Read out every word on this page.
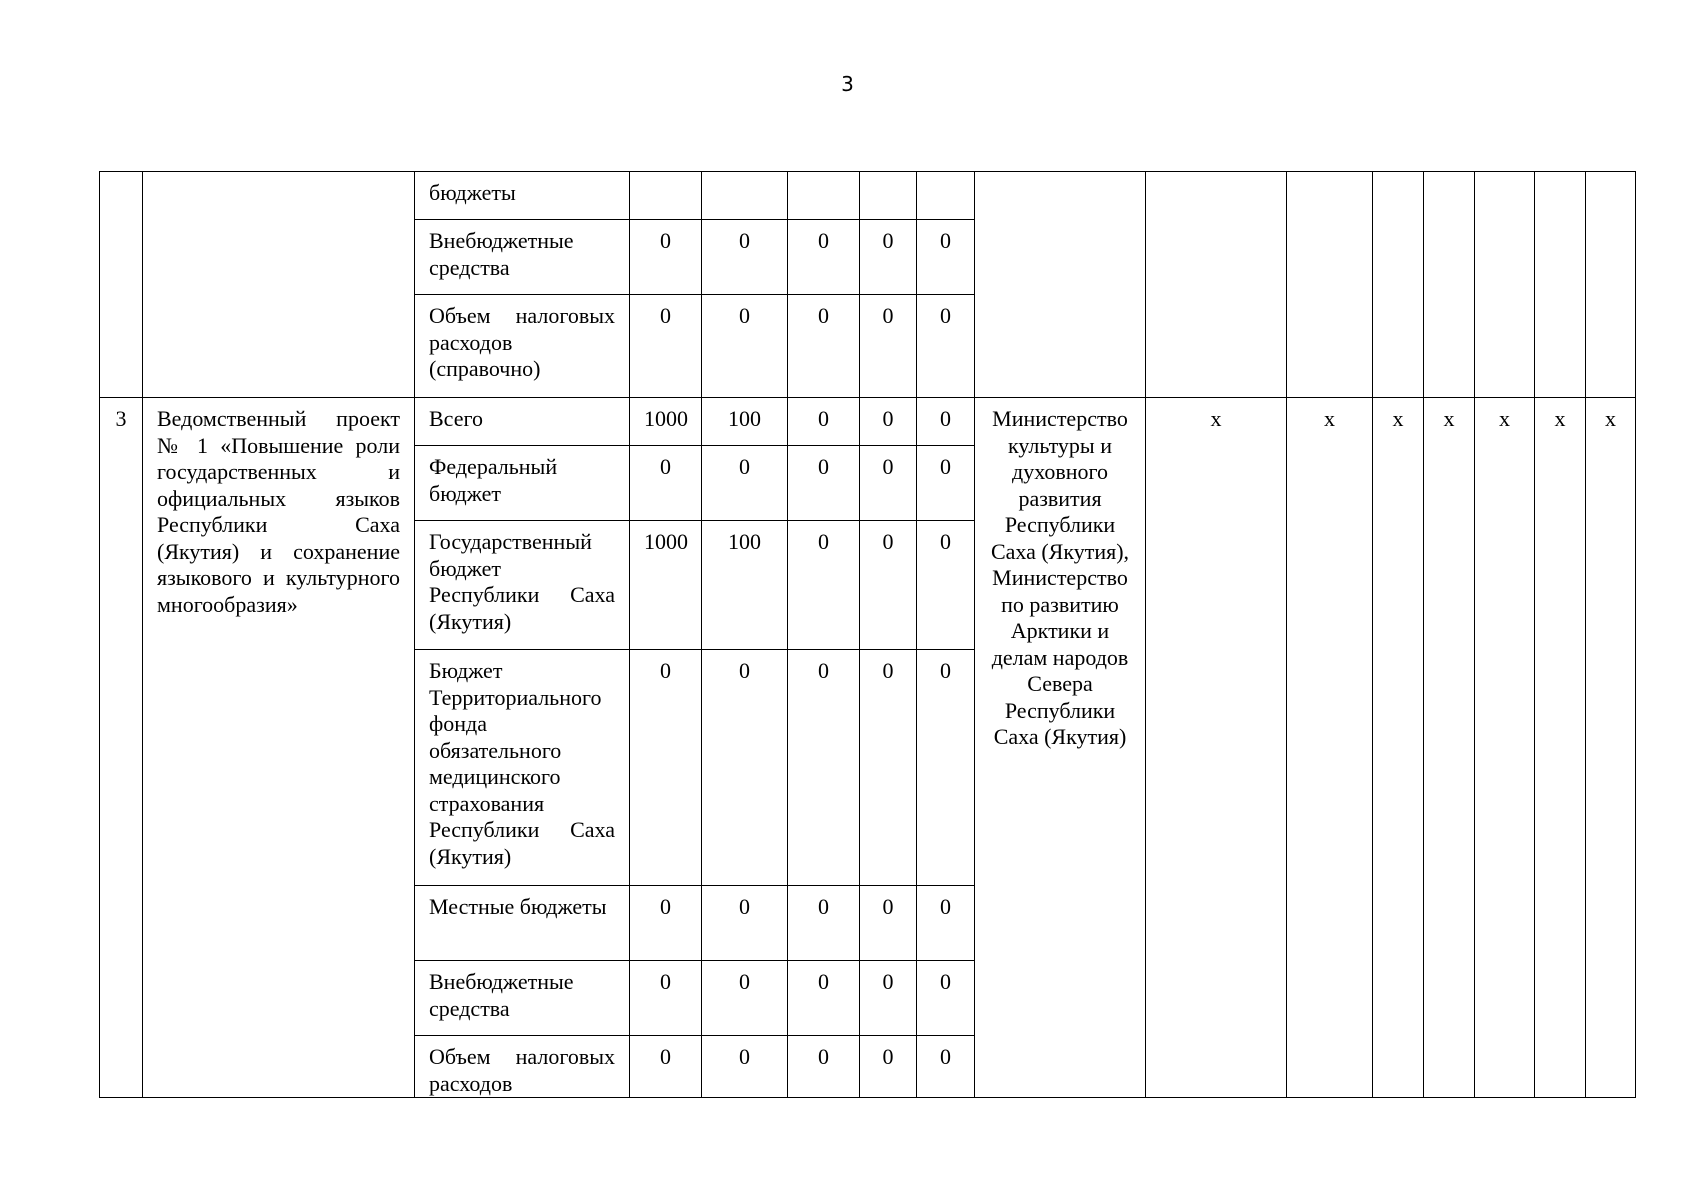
3
		бюджеты													
		Внебюджетные средства	0	0	0	0	0								
		Объем налоговых расходов (справочно)	0	0	0	0	0								
3	Ведомственный проект № 1 «Повышение роли государственных и официальных языков Республики Саха (Якутия) и сохранение языкового и культурного многообразия»	Всего	1000	100	0	0	0	Министерство культуры и духовного развития Республики Саха (Якутия), Министерство по развитию Арктики и делам народов Севера Республики Саха (Якутия)	х	х	х	х	х	х	х
		Федеральный бюджет	0	0	0	0	0								
		Государственный бюджет Республики Саха (Якутия)	1000	100	0	0	0								
		Бюджет Территориального фонда обязательного медицинского страхования Республики Саха (Якутия)	0	0	0	0	0								
		Местные бюджеты	0	0	0	0	0								
		Внебюджетные средства	0	0	0	0	0								
		Объем налоговых расходов	0	0	0	0	0								
